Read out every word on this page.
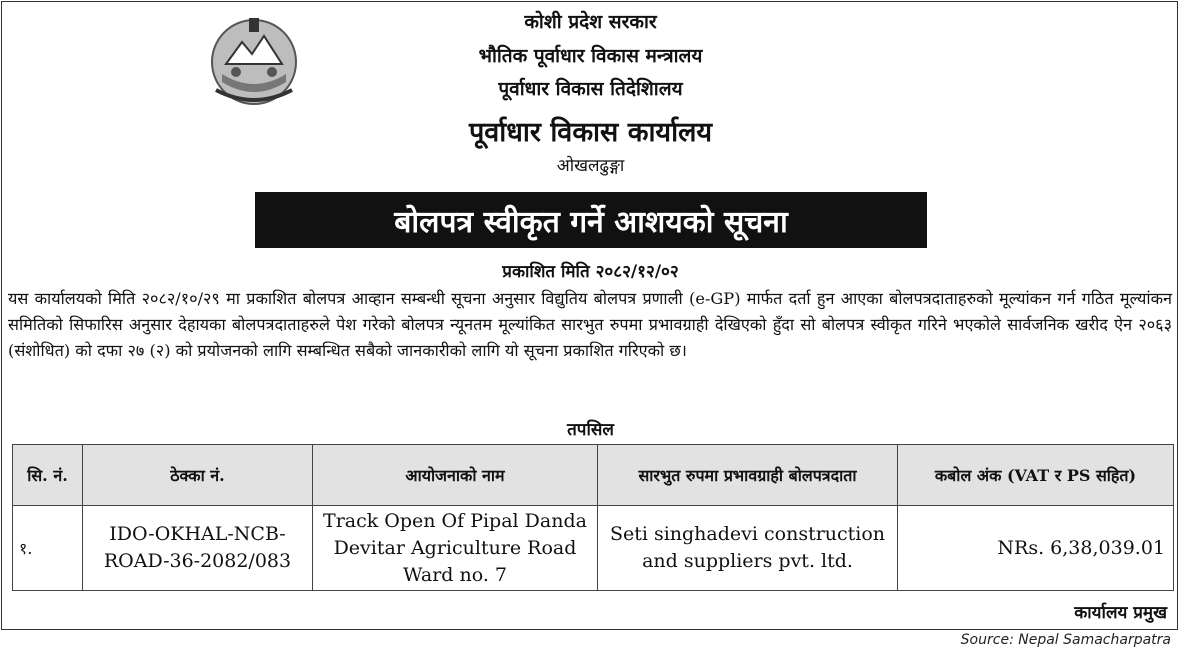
कोशी प्रदेश सरकार
भौतिक पूर्वाधार विकास मन्त्रालय
पूर्वाधार विकास तिदेशिालय
पूर्वाधार विकास कार्यालय
ओखलढुङ्गा
बोलपत्र स्वीकृत गर्ने आशयको सूचना
प्रकाशित मिति २०८२/१२/०२

यस कार्यालयको मिति २०८२/१०/२९ मा प्रकाशित बोलपत्र आव्हान सम्बन्धी सूचना अनुसार विद्युतिय बोलपत्र प्रणाली (e-GP) मार्फत दर्ता हुन आएका बोलपत्रदाताहरुको मूल्यांकन गर्न गठित मूल्यांकन समितिको सिफारिस अनुसार देहायका बोलपत्रदाताहरुले पेश गरेको बोलपत्र न्यूनतम मूल्यांकित सारभुत रुपमा प्रभावग्राही देखिएको हुँदा सो बोलपत्र स्वीकृत गरिने भएकोले सार्वजनिक खरीद ऐन २०६३ (संशोधित) को दफा २७ (२) को प्रयोजनको लागि सम्बन्धित सबैको जानकारीको लागि यो सूचना प्रकाशित गरिएको छ।

तपसिल
सि. नं.	ठेक्का नं.	आयोजनाको नाम	सारभुत रुपमा प्रभावग्राही बोलपत्रदाता	कबोल अंक (VAT र PS सहित)
१.	IDO-OKHAL-NCB-ROAD-36-2082/083	Track Open Of Pipal Danda Devitar Agriculture Road Ward no. 7	Seti singhadevi construction and suppliers pvt. ltd.	NRs. 6,38,039.01
कार्यालय प्रमुख
Source: Nepal Samacharpatra
